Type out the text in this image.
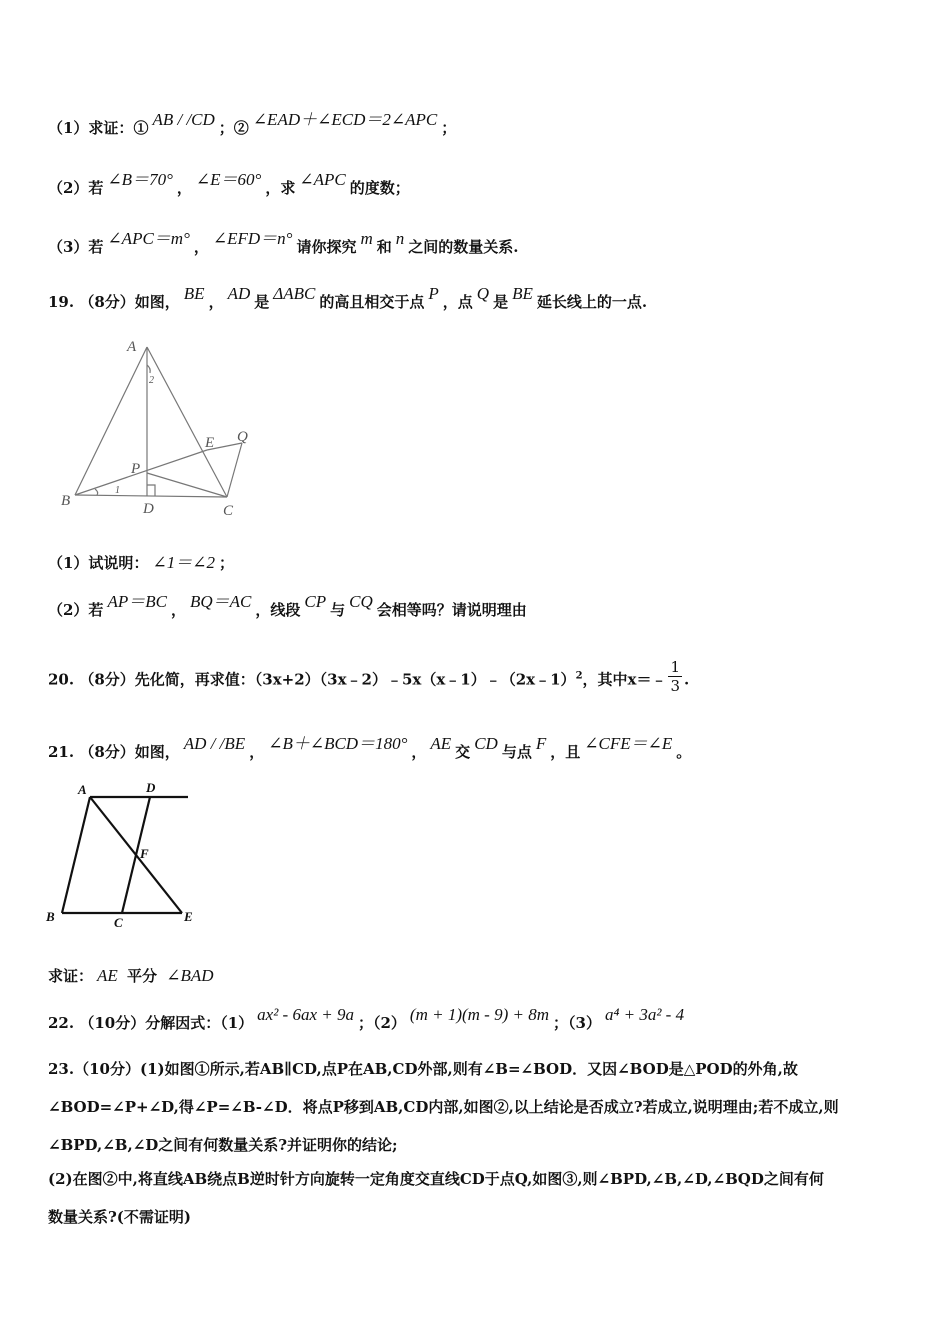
（1）求证：① AB / /CD ；② ∠EAD＋∠ECD＝2∠APC ；
（2）若 ∠B＝70° ， ∠E＝60° ，求 ∠APC 的度数；
（3）若 ∠APC＝m° ， ∠EFD＝n° 请你探究 m 和 n 之间的数量关系.
19. （8分）如图， BE ， AD 是 ΔABC 的高且相交于点 P ，点 Q 是 BE 延长线上的一点.
A
B
C
D
E
P
Q
1
2
（1）试说明： ∠1＝∠2 ；
（2）若 AP＝BC ， BQ＝AC ，线段 CP 与 CQ 会相等吗？请说明理由
20. （8分）先化简，再求值：（3x+2）（3x﹣2）﹣5x（x﹣1）﹣（2x﹣1）$^2$，其中x＝﹣ $\frac{1}{3}$ .
21. （8分）如图， AD / /BE ， ∠B＋∠BCD＝180° ， AE 交 CD 与点 F ，且 ∠CFE＝∠E 。
A
B	C
D
E
F
求证： AE 平分 ∠BAD
22. （10分）分解因式：（1） ax² - 6ax + 9a ；（2） (m + 1)(m - 9) + 8m ；（3） a⁴ + 3a² - 4
23.（10分）(1)如图①所示,若AB∥CD,点P在AB,CD外部,则有∠B=∠BOD．又因∠BOD是△POD的外角,故
∠BOD=∠P+∠D,得∠P=∠B-∠D．将点P移到AB,CD内部,如图②,以上结论是否成立?若成立,说明理由;若不成立,则
∠BPD,∠B,∠D之间有何数量关系?并证明你的结论;
(2)在图②中,将直线AB绕点B逆时针方向旋转一定角度交直线CD于点Q,如图③,则∠BPD,∠B,∠D,∠BQD之间有何
数量关系?(不需证明)
